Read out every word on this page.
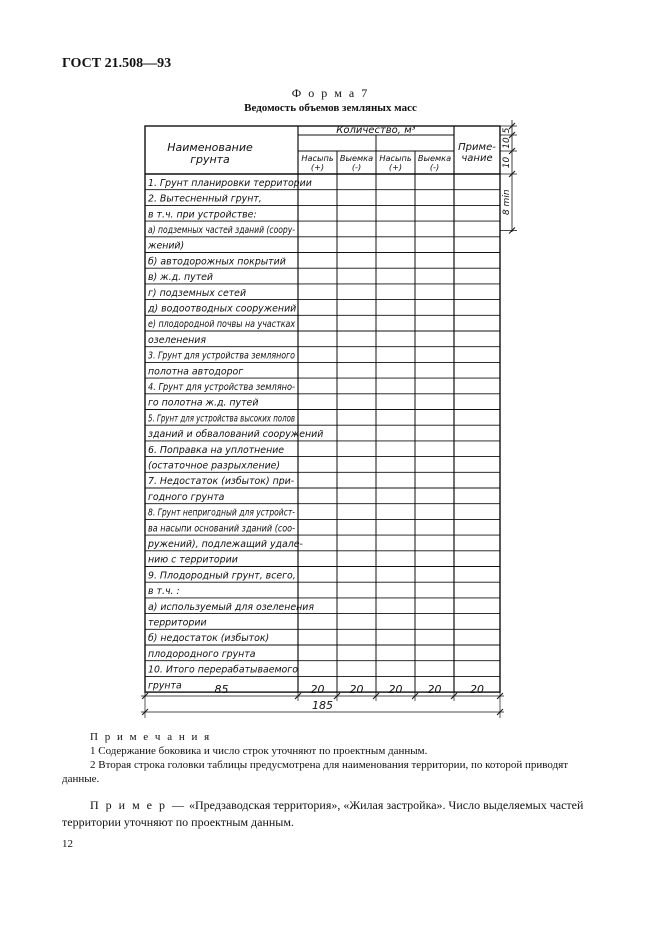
ГОСТ 21.508—93
Ф о р м а 7
Ведомость объемов земляных масс
1. Грунт планировки территории
2. Вытесненный грунт,
в т.ч. при устройстве:
а) подземных частей зданий (соору-
жений)
б) автодорожных покрытий
в) ж.д. путей
г) подземных сетей
д) водоотводных сооружений
е) плодородной почвы на участках
озеленения
3. Грунт для устройства земляного
полотна автодорог
4. Грунт для устройства земляно-
го полотна ж.д. путей
5. Грунт для устройства высоких полов
зданий и обвалований сооружений
6. Поправка на уплотнение
(остаточное разрыхление)
7. Недостаток (избыток) при-
годного грунта
8. Грунт непригодный для устройст-
ва насыпи оснований зданий (соо-
ружений), подлежащий удале-
нию с территории
9. Плодородный грунт, всего,
в т.ч. :
а) используемый для озеленения
территории
б) недостаток (избыток)
плодородного грунта
10. Итого перерабатываемого
грунта
Наименование
грунта
Количество, м³
Приме-
чание
Насыпь
(+)
Выемка
(-)
Насыпь
(+)
Выемка
(-)
85	20 20 20 20	20
185
5
10
10
8 min

П р и м е ч а н и я

1 Содержание боковика и число строк уточняют по проектным данным.

2 Вторая строка головки таблицы предусмотрена для наименования территории, по которой приводят данные.

П р и м е р — «Предзаводская территория», «Жилая застройка». Число выделяемых частей территории уточняют по проектным данным.
12
